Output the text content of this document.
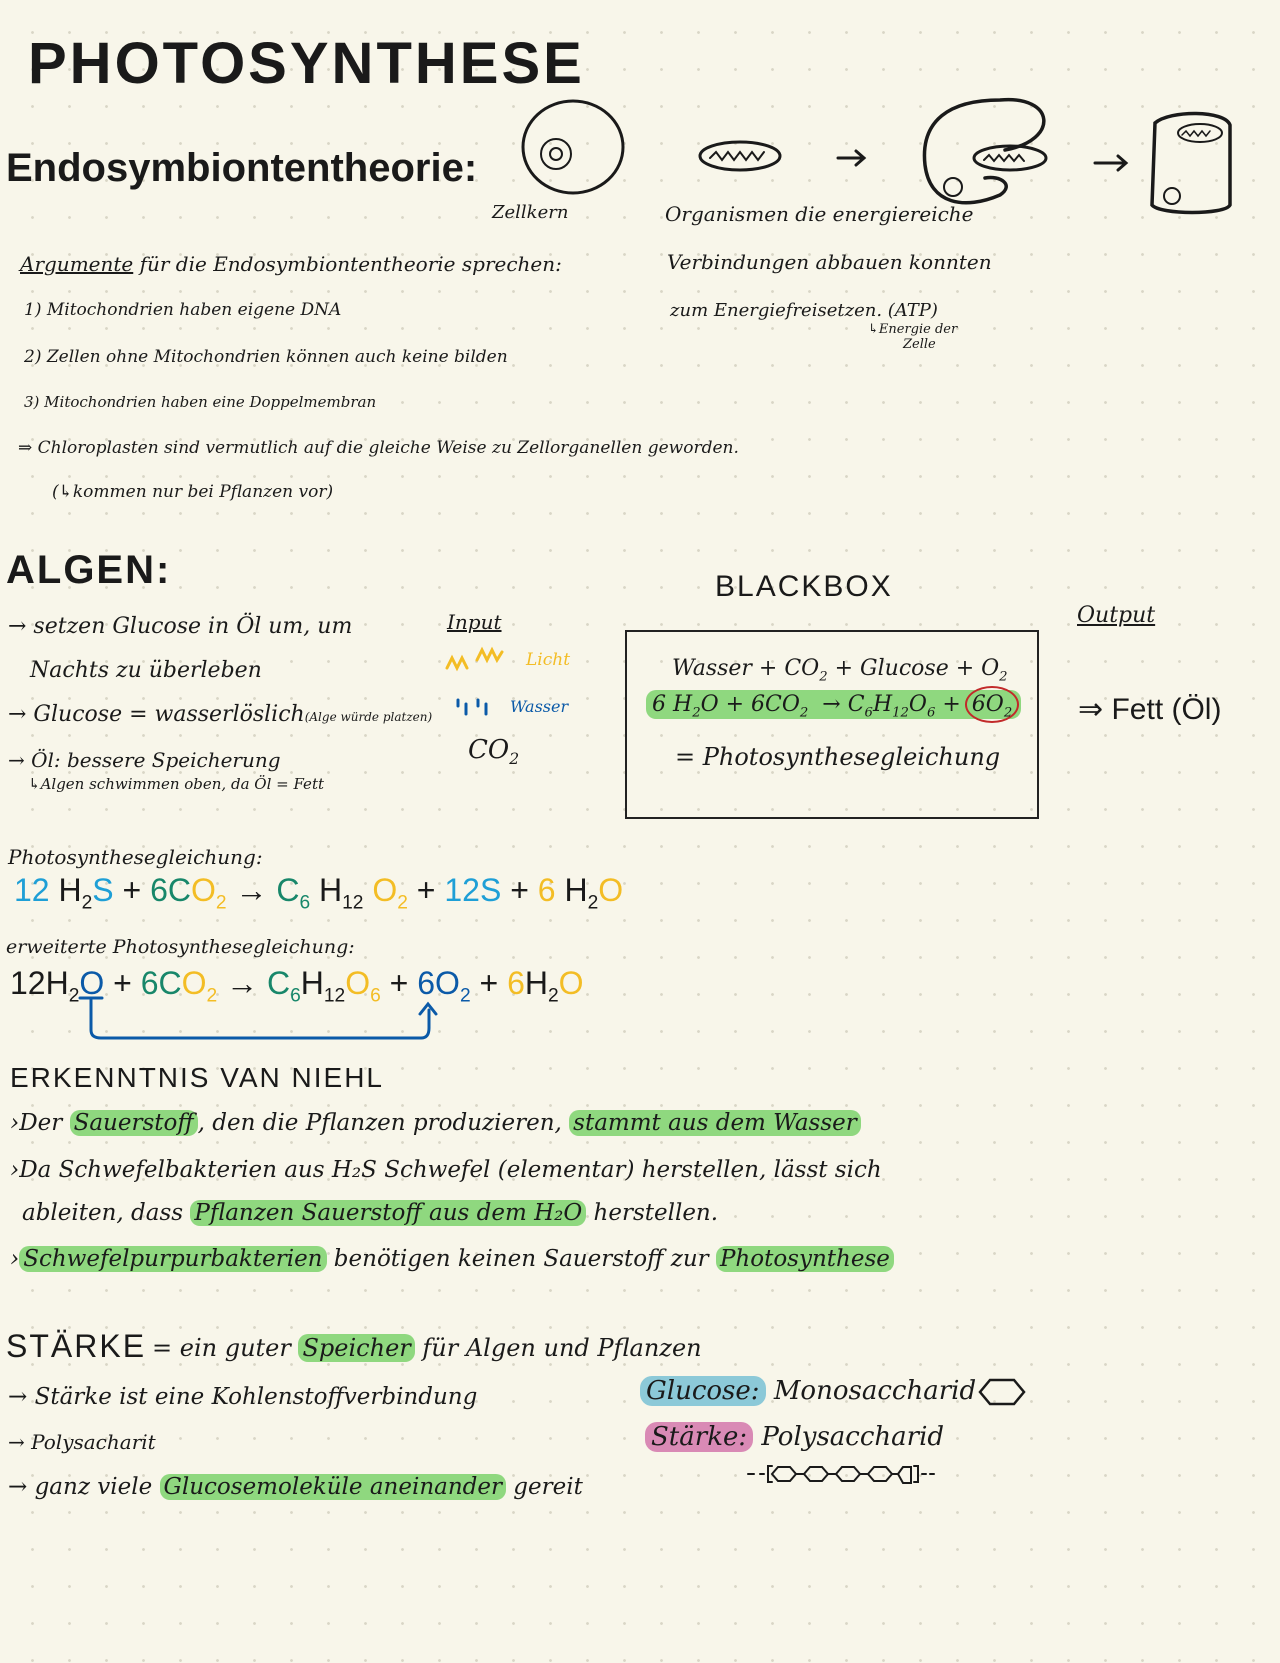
PHOTOSYNTHESE
Endosymbiontentheorie:
Zellkern	Organismen die energiereiche
Verbindungen abbauen konnten
zum Energiefreisetzen. (ATP)
↳Energie der
Zelle
Argumente für die Endosymbiontentheorie sprechen:
1) Mitochondrien haben eigene DNA
2) Zellen ohne Mitochondrien können auch keine bilden
3) Mitochondrien haben eine Doppelmembran
⇒ Chloroplasten sind vermutlich auf die gleiche Weise zu Zellorganellen geworden.
(↳kommen nur bei Pflanzen vor)
ALGEN:
→ setzen Glucose in Öl um, um
Nachts zu überleben
→ Glucose = wasserlöslich(Alge würde platzen)
→ Öl: bessere Speicherung
↳Algen schwimmen oben, da Öl = Fett
Input
Licht
Wasser
$CO_2$
BLACKBOX
Wasser + $CO_2 + Glucose + O_2$
6 $H_2O + 6CO_2 \to C_6H_{12}O_6 + 6O_2$
= Photosynthesegleichung
Output
⇒ Fett (Öl)
Photosynthesegleichung:
12 $H_2S + 6CO_2 \to C_6$ $H_{12}$ $O_2 + 12S + 6$ $H_2O$
erweiterte Photosynthesegleichung:
$12H_2O + 6CO_2 \to C_6H_{12}O_6 + 6O_2 + 6H_2O$
ERKENNTNIS VAN NIEHL
›Der Sauerstoff , den die Pflanzen produzieren, stammt aus dem Wasser
›Da Schwefelbakterien aus H₂S Schwefel (elementar) herstellen, lässt sich
ableiten, dass Pflanzen Sauerstoff aus dem H₂O herstellen.
› Schwefelpurpurbakterien benötigen keinen Sauerstoff zur Photosynthese
STÄRKE = ein guter Speicher für Algen und Pflanzen
→ Stärke ist eine Kohlenstoffverbindung
→ Polysacharit
→ ganz viele Glucosemoleküle aneinander gereit
Glucose: Monosaccharid
Stärke: Polysaccharid
